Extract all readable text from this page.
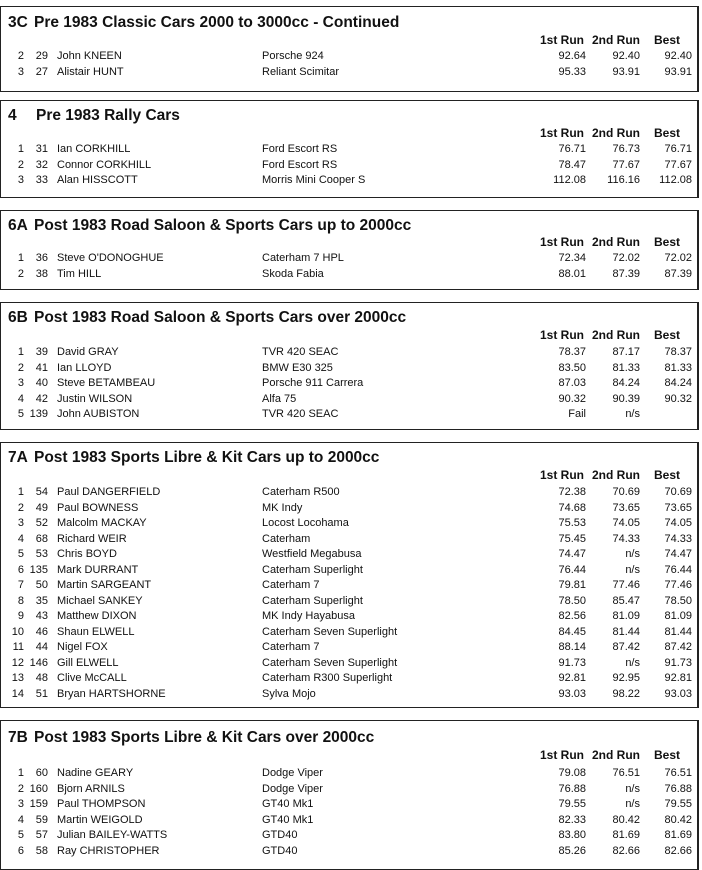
3C Pre 1983 Classic Cars 2000 to 3000cc - Continued
1st Run 2nd Run Best
2	29 John KNEEN	Porsche 924	92.64	92.40	92.40
3	27 Alistair HUNT	Reliant Scimitar	95.33	93.91	93.91
4 Pre 1983 Rally Cars
1st Run 2nd Run Best
1	31 Ian CORKHILL	Ford Escort RS	76.71	76.73	76.71
2	32 Connor CORKHILL	Ford Escort RS	78.47	77.67	77.67
3	33 Alan HISSCOTT	Morris Mini Cooper S	112.08	116.16	112.08
6A Post 1983 Road Saloon & Sports Cars up to 2000cc
1st Run 2nd Run Best
1	36 Steve O'DONOGHUE	Caterham 7 HPL	72.34	72.02	72.02
2	38 Tim HILL	Skoda Fabia	88.01	87.39	87.39
6B Post 1983 Road Saloon & Sports Cars over 2000cc
1st Run 2nd Run Best
1	39 David GRAY	TVR 420 SEAC	78.37	87.17	78.37
2	41 Ian LLOYD	BMW E30 325	83.50	81.33	81.33
3	40 Steve BETAMBEAU	Porsche 911 Carrera	87.03	84.24	84.24
4	42 Justin WILSON	Alfa 75	90.32	90.39	90.32
5 139 John AUBISTON	TVR 420 SEAC	Fail	n/s
7A Post 1983 Sports Libre & Kit Cars up to 2000cc
1st Run 2nd Run Best
1	54 Paul DANGERFIELD	Caterham R500	72.38	70.69	70.69
2	49 Paul BOWNESS	MK Indy	74.68	73.65	73.65
3	52 Malcolm MACKAY	Locost Locohama	75.53	74.05	74.05
4	68 Richard WEIR	Caterham	75.45	74.33	74.33
5	53 Chris BOYD	Westfield Megabusa	74.47	n/s	74.47
6 135 Mark DURRANT	Caterham Superlight	76.44	n/s	76.44
7	50 Martin SARGEANT	Caterham 7	79.81	77.46	77.46
8	35 Michael SANKEY	Caterham Superlight	78.50	85.47	78.50
9	43 Matthew DIXON	MK Indy Hayabusa	82.56	81.09	81.09
10	46 Shaun ELWELL	Caterham Seven Superlight	84.45	81.44	81.44
11	44 Nigel FOX	Caterham 7	88.14	87.42	87.42
12 146 Gill ELWELL	Caterham Seven Superlight	91.73	n/s	91.73
13	48 Clive McCALL	Caterham R300 Superlight	92.81	92.95	92.81
14	51 Bryan HARTSHORNE	Sylva Mojo	93.03	98.22	93.03
7B Post 1983 Sports Libre & Kit Cars over 2000cc
1st Run 2nd Run Best
1	60 Nadine GEARY	Dodge Viper	79.08	76.51	76.51
2 160 Bjorn ARNILS	Dodge Viper	76.88	n/s	76.88
3 159 Paul THOMPSON	GT40 Mk1	79.55	n/s	79.55
4	59 Martin WEIGOLD	GT40 Mk1	82.33	80.42	80.42
5	57 Julian BAILEY-WATTS	GTD40	83.80	81.69	81.69
6	58 Ray CHRISTOPHER	GTD40	85.26	82.66	82.66
